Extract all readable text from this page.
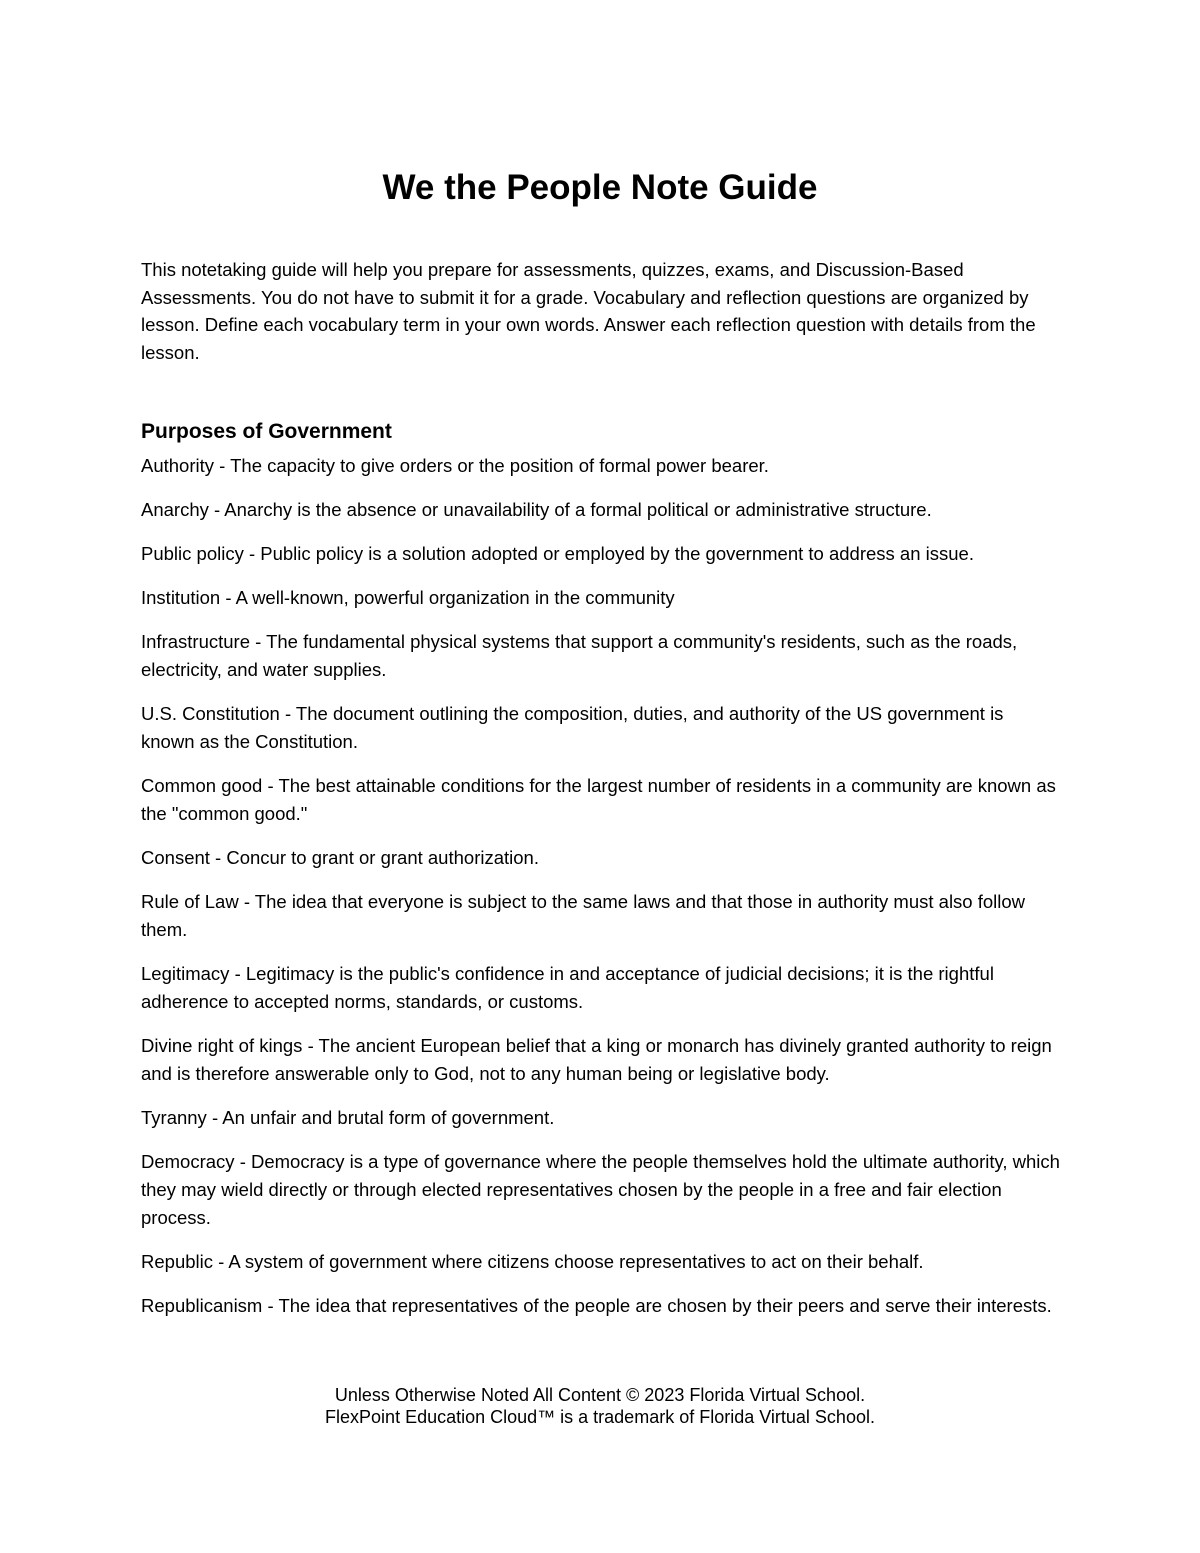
We the People Note Guide

This notetaking guide will help you prepare for assessments, quizzes, exams, and Discussion-Based Assessments. You do not have to submit it for a grade. Vocabulary and reflection questions are organized by lesson. Define each vocabulary term in your own words. Answer each reflection question with details from the lesson.

Purposes of Government
Authority - The capacity to give orders or the position of formal power bearer.
Anarchy - Anarchy is the absence or unavailability of a formal political or administrative structure.
Public policy - Public policy is a solution adopted or employed by the government to address an issue.
Institution - A well-known, powerful organization in the community
Infrastructure - The fundamental physical systems that support a community's residents, such as the roads, electricity, and water supplies.
U.S. Constitution - The document outlining the composition, duties, and authority of the US government is known as the Constitution.
Common good - The best attainable conditions for the largest number of residents in a community are known as the "common good."
Consent - Concur to grant or grant authorization.
Rule of Law - The idea that everyone is subject to the same laws and that those in authority must also follow them.
Legitimacy - Legitimacy is the public's confidence in and acceptance of judicial decisions; it is the rightful adherence to accepted norms, standards, or customs.
Divine right of kings - The ancient European belief that a king or monarch has divinely granted authority to reign and is therefore answerable only to God, not to any human being or legislative body.
Tyranny - An unfair and brutal form of government.
Democracy - Democracy is a type of governance where the people themselves hold the ultimate authority, which they may wield directly or through elected representatives chosen by the people in a free and fair election process.
Republic - A system of government where citizens choose representatives to act on their behalf.
Republicanism - The idea that representatives of the people are chosen by their peers and serve their interests.
Unless Otherwise Noted All Content © 2023 Florida Virtual School.
FlexPoint Education Cloud™ is a trademark of Florida Virtual School.
